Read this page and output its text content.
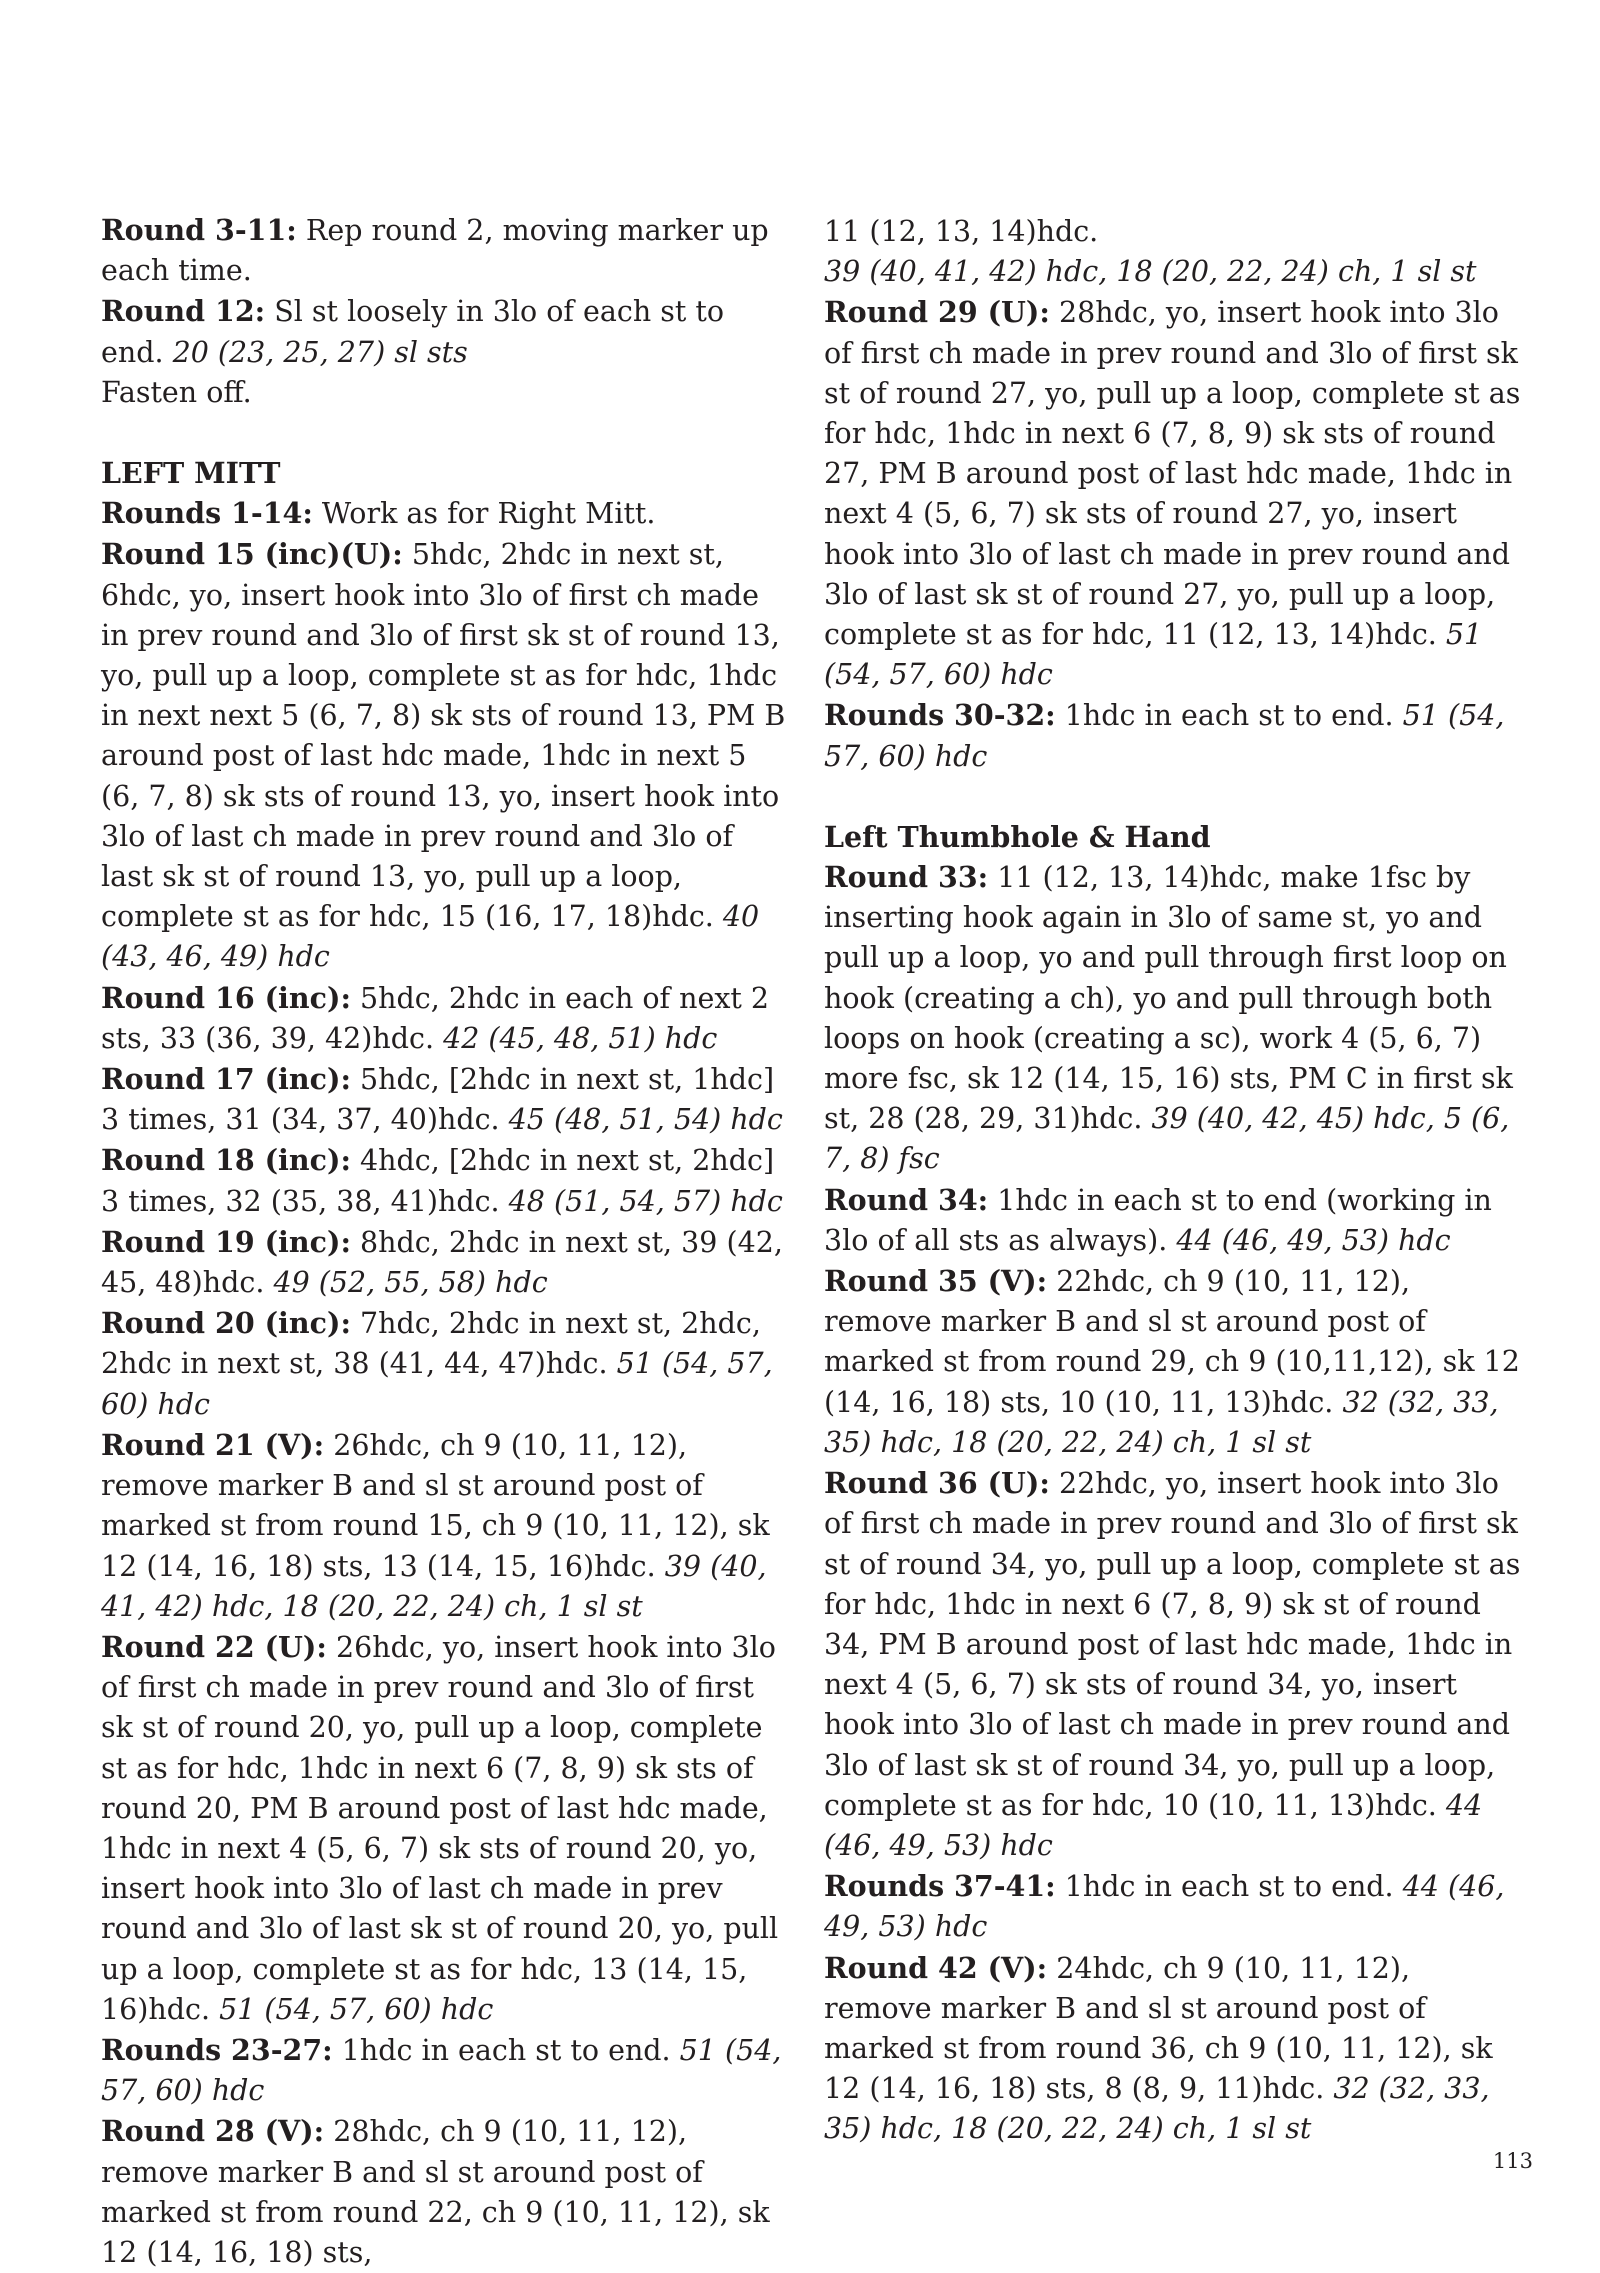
Round 3-11: Rep round 2, moving marker up each time.

Round 12: Sl st loosely in 3lo of each st to end. 20 (23, 25, 27) sl sts

Fasten off.

LEFT MITT

Rounds 1-14: Work as for Right Mitt.

Round 15 (inc)(U): 5hdc, 2hdc in next st, 6hdc, yo, insert hook into 3lo of first ch made in prev round and 3lo of first sk st of round 13, yo, pull up a loop, complete st as for hdc, 1hdc in next next 5 (6, 7, 8) sk sts of round 13, PM B around post of last hdc made, 1hdc in next 5 (6, 7, 8) sk sts of round 13, yo, insert hook into 3lo of last ch made in prev round and 3lo of last sk st of round 13, yo, pull up a loop, complete st as for hdc, 15 (16, 17, 18)hdc. 40 (43, 46, 49) hdc

Round 16 (inc): 5hdc, 2hdc in each of next 2 sts, 33 (36, 39, 42)hdc. 42 (45, 48, 51) hdc

Round 17 (inc): 5hdc, [2hdc in next st, 1hdc] 3 times, 31 (34, 37, 40)hdc. 45 (48, 51, 54) hdc

Round 18 (inc): 4hdc, [2hdc in next st, 2hdc] 3 times, 32 (35, 38, 41)hdc. 48 (51, 54, 57) hdc

Round 19 (inc): 8hdc, 2hdc in next st, 39 (42, 45, 48)hdc. 49 (52, 55, 58) hdc

Round 20 (inc): 7hdc, 2hdc in next st, 2hdc, 2hdc in next st, 38 (41, 44, 47)hdc. 51 (54, 57, 60) hdc

Round 21 (V): 26hdc, ch 9 (10, 11, 12), remove marker B and sl st around post of marked st from round 15, ch 9 (10, 11, 12), sk 12 (14, 16, 18) sts, 13 (14, 15, 16)hdc. 39 (40, 41, 42) hdc, 18 (20, 22, 24) ch, 1 sl st

Round 22 (U): 26hdc, yo, insert hook into 3lo of first ch made in prev round and 3lo of first sk st of round 20, yo, pull up a loop, complete st as for hdc, 1hdc in next 6 (7, 8, 9) sk sts of round 20, PM B around post of last hdc made, 1hdc in next 4 (5, 6, 7) sk sts of round 20, yo, insert hook into 3lo of last ch made in prev round and 3lo of last sk st of round 20, yo, pull up a loop, complete st as for hdc, 13 (14, 15, 16)hdc. 51 (54, 57, 60) hdc

Rounds 23-27: 1hdc in each st to end. 51 (54, 57, 60) hdc

Round 28 (V): 28hdc, ch 9 (10, 11, 12), remove marker B and sl st around post of marked st from round 22, ch 9 (10, 11, 12), sk 12 (14, 16, 18) sts,

11 (12, 13, 14)hdc.

39 (40, 41, 42) hdc, 18 (20, 22, 24) ch, 1 sl st

Round 29 (U): 28hdc, yo, insert hook into 3lo of first ch made in prev round and 3lo of first sk st of round 27, yo, pull up a loop, complete st as for hdc, 1hdc in next 6 (7, 8, 9) sk sts of round 27, PM B around post of last hdc made, 1hdc in next 4 (5, 6, 7) sk sts of round 27, yo, insert hook into 3lo of last ch made in prev round and 3lo of last sk st of round 27, yo, pull up a loop, complete st as for hdc, 11 (12, 13, 14)hdc. 51 (54, 57, 60) hdc

Rounds 30-32: 1hdc in each st to end. 51 (54, 57, 60) hdc

Left Thumbhole & Hand

Round 33: 11 (12, 13, 14)hdc, make 1fsc by inserting hook again in 3lo of same st, yo and pull up a loop, yo and pull through first loop on hook (creating a ch), yo and pull through both loops on hook (creating a sc), work 4 (5, 6, 7) more fsc, sk 12 (14, 15, 16) sts, PM C in first sk st, 28 (28, 29, 31)hdc. 39 (40, 42, 45) hdc, 5 (6, 7, 8) fsc

Round 34: 1hdc in each st to end (working in 3lo of all sts as always). 44 (46, 49, 53) hdc

Round 35 (V): 22hdc, ch 9 (10, 11, 12), remove marker B and sl st around post of marked st from round 29, ch 9 (10,11,12), sk 12 (14, 16, 18) sts, 10 (10, 11, 13)hdc. 32 (32, 33, 35) hdc, 18 (20, 22, 24) ch, 1 sl st

Round 36 (U): 22hdc, yo, insert hook into 3lo of first ch made in prev round and 3lo of first sk st of round 34, yo, pull up a loop, complete st as for hdc, 1hdc in next 6 (7, 8, 9) sk st of round 34, PM B around post of last hdc made, 1hdc in next 4 (5, 6, 7) sk sts of round 34, yo, insert hook into 3lo of last ch made in prev round and 3lo of last sk st of round 34, yo, pull up a loop, complete st as for hdc, 10 (10, 11, 13)hdc. 44 (46, 49, 53) hdc

Rounds 37-41: 1hdc in each st to end. 44 (46, 49, 53) hdc

Round 42 (V): 24hdc, ch 9 (10, 11, 12), remove marker B and sl st around post of marked st from round 36, ch 9 (10, 11, 12), sk 12 (14, 16, 18) sts, 8 (8, 9, 11)hdc. 32 (32, 33, 35) hdc, 18 (20, 22, 24) ch, 1 sl st

113
